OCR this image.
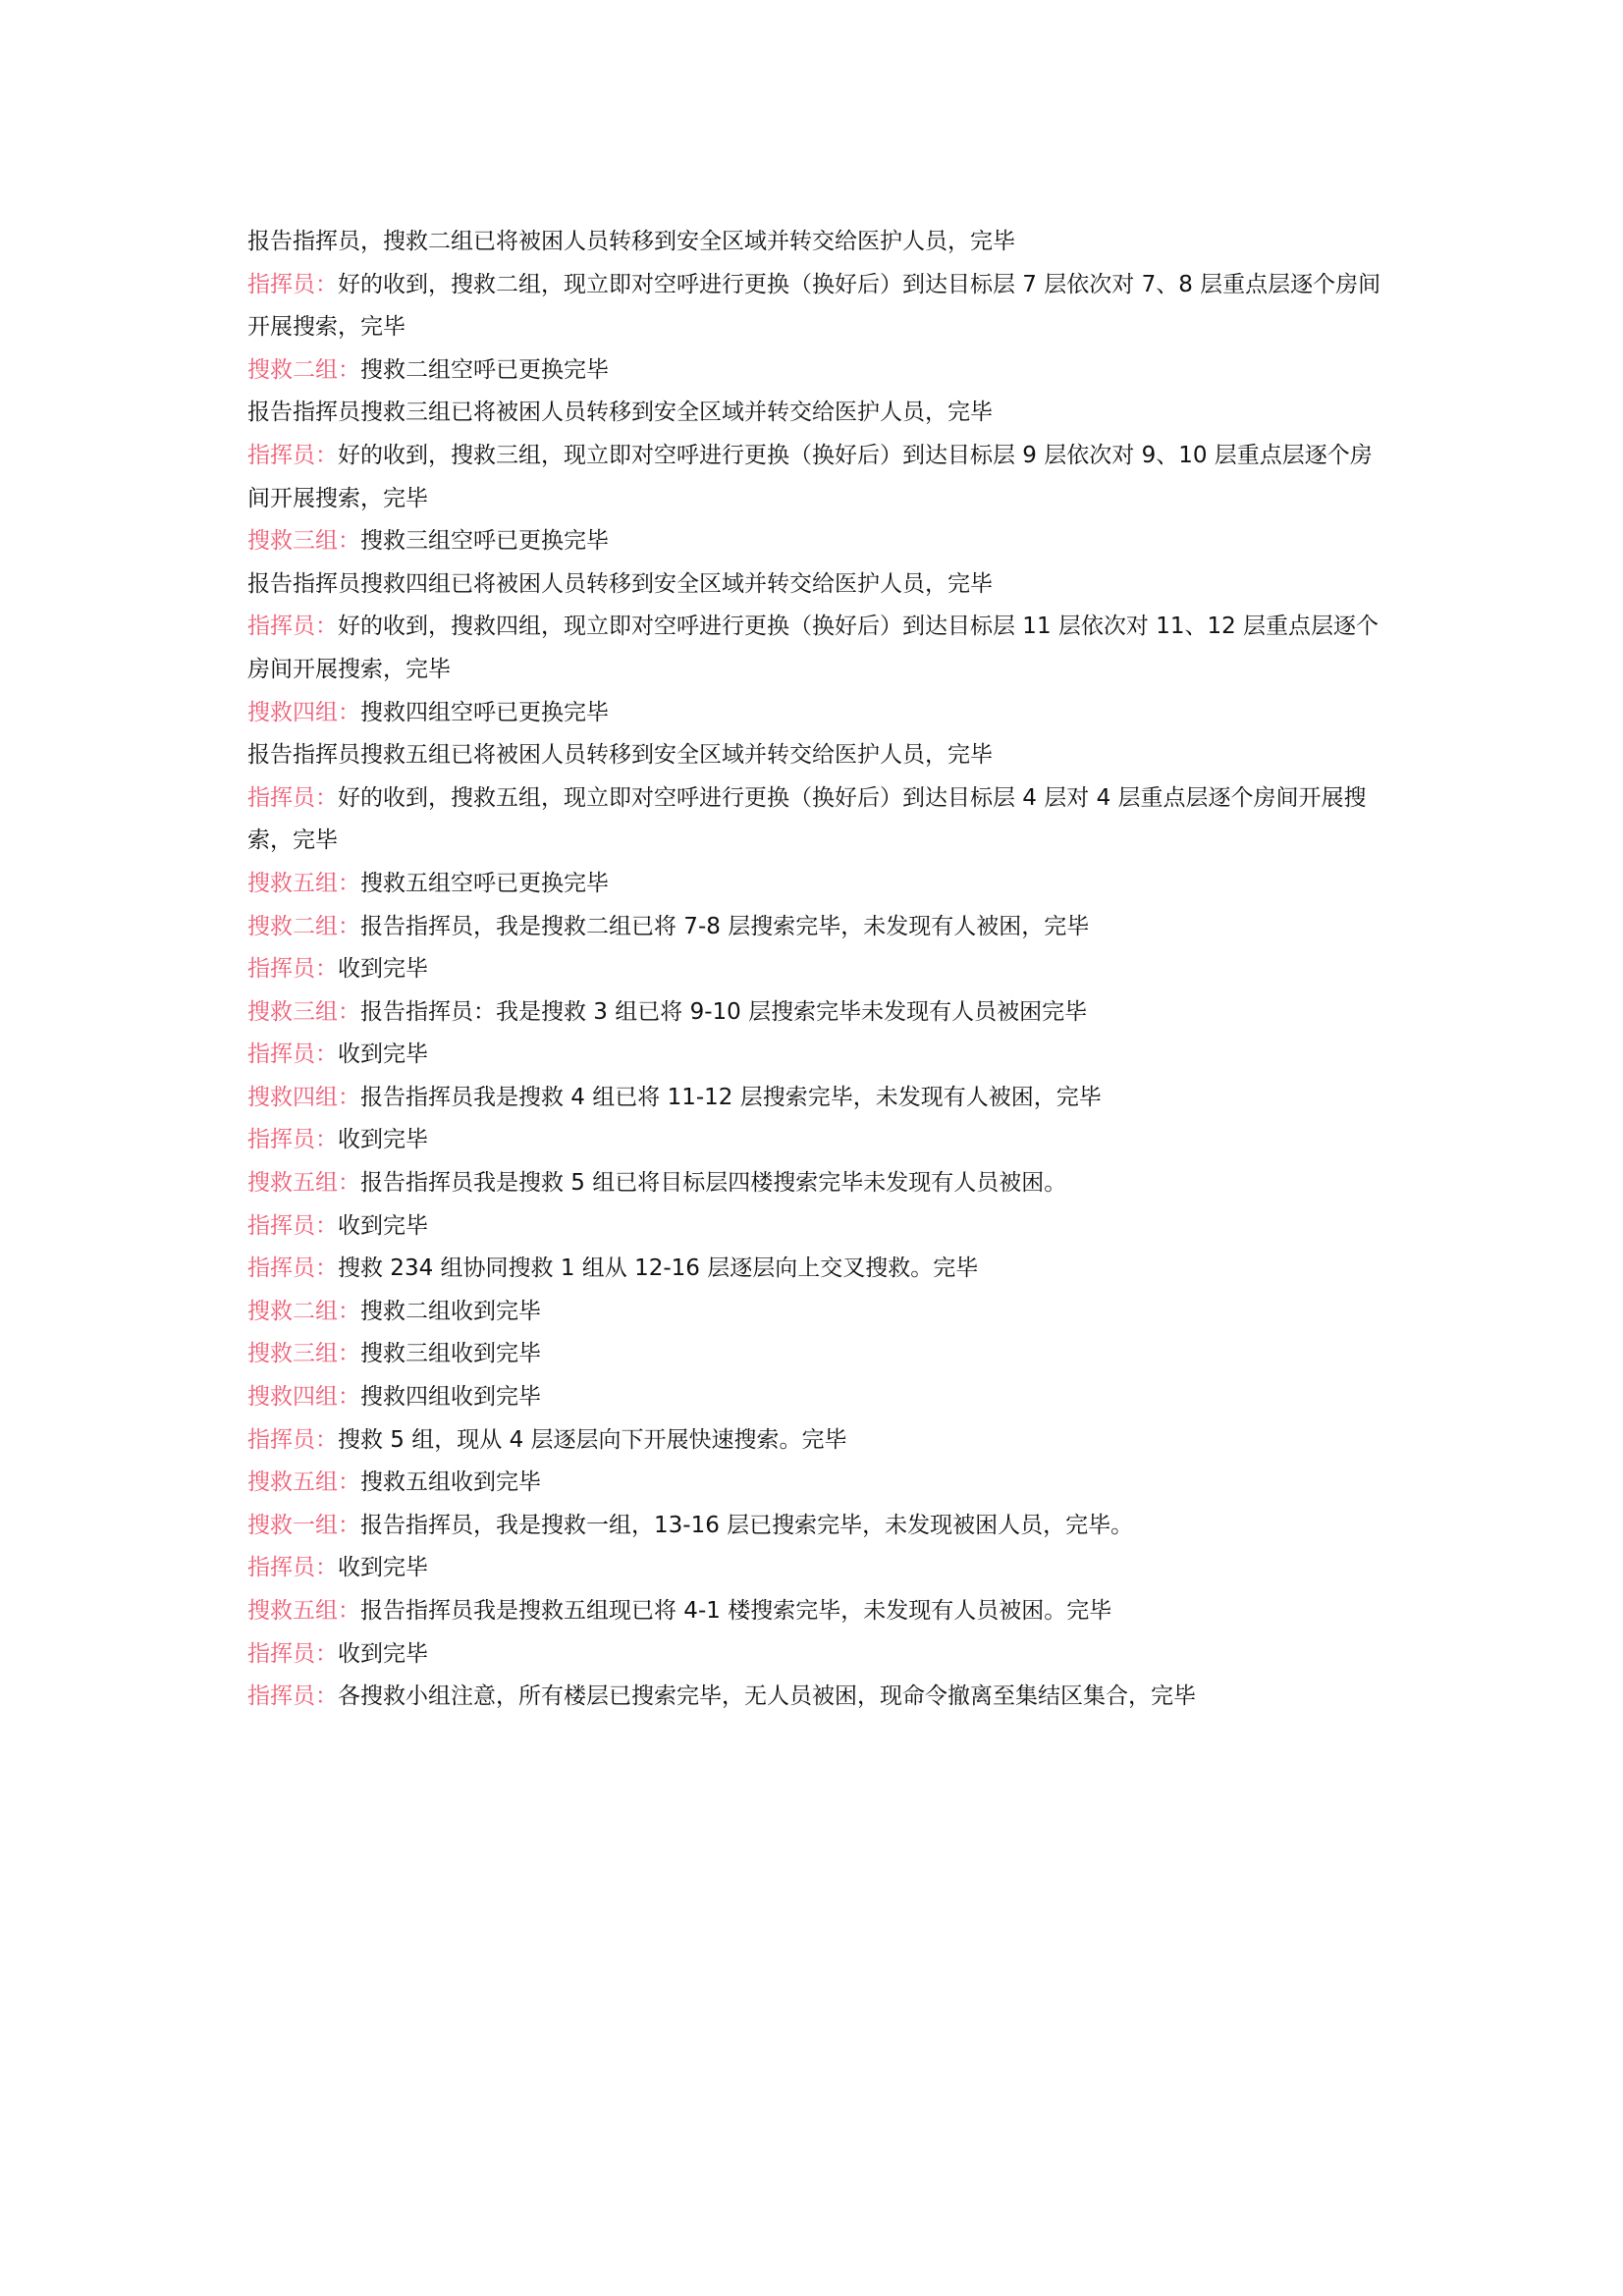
报告指挥员，搜救二组已将被困人员转移到安全区域并转交给医护人员，完毕

指挥员：好的收到，搜救二组，现立即对空呼进行更换（换好后）到达目标层 7 层依次对 7、8 层重点层逐个房间开展搜索，完毕

搜救二组：搜救二组空呼已更换完毕

报告指挥员搜救三组已将被困人员转移到安全区域并转交给医护人员，完毕

指挥员：好的收到，搜救三组，现立即对空呼进行更换（换好后）到达目标层 9 层依次对 9、10 层重点层逐个房间开展搜索，完毕

搜救三组：搜救三组空呼已更换完毕

报告指挥员搜救四组已将被困人员转移到安全区域并转交给医护人员，完毕

指挥员：好的收到，搜救四组，现立即对空呼进行更换（换好后）到达目标层 11 层依次对 11、12 层重点层逐个房间开展搜索，完毕

搜救四组：搜救四组空呼已更换完毕

报告指挥员搜救五组已将被困人员转移到安全区域并转交给医护人员，完毕

指挥员：好的收到，搜救五组，现立即对空呼进行更换（换好后）到达目标层 4 层对 4 层重点层逐个房间开展搜索，完毕

搜救五组：搜救五组空呼已更换完毕

搜救二组：报告指挥员，我是搜救二组已将 7-8 层搜索完毕，未发现有人被困，完毕

指挥员：收到完毕

搜救三组：报告指挥员：我是搜救 3 组已将 9-10 层搜索完毕未发现有人员被困完毕

指挥员：收到完毕

搜救四组：报告指挥员我是搜救 4 组已将 11-12 层搜索完毕，未发现有人被困，完毕

指挥员：收到完毕

搜救五组：报告指挥员我是搜救 5 组已将目标层四楼搜索完毕未发现有人员被困。

指挥员：收到完毕

指挥员：搜救 234 组协同搜救 1 组从 12-16 层逐层向上交叉搜救。完毕

搜救二组：搜救二组收到完毕

搜救三组：搜救三组收到完毕

搜救四组：搜救四组收到完毕

指挥员：搜救 5 组，现从 4 层逐层向下开展快速搜索。完毕

搜救五组：搜救五组收到完毕

搜救一组：报告指挥员，我是搜救一组，13-16 层已搜索完毕，未发现被困人员，完毕。

指挥员：收到完毕

搜救五组：报告指挥员我是搜救五组现已将 4-1 楼搜索完毕，未发现有人员被困。完毕

指挥员：收到完毕

指挥员：各搜救小组注意，所有楼层已搜索完毕，无人员被困，现命令撤离至集结区集合，完毕
